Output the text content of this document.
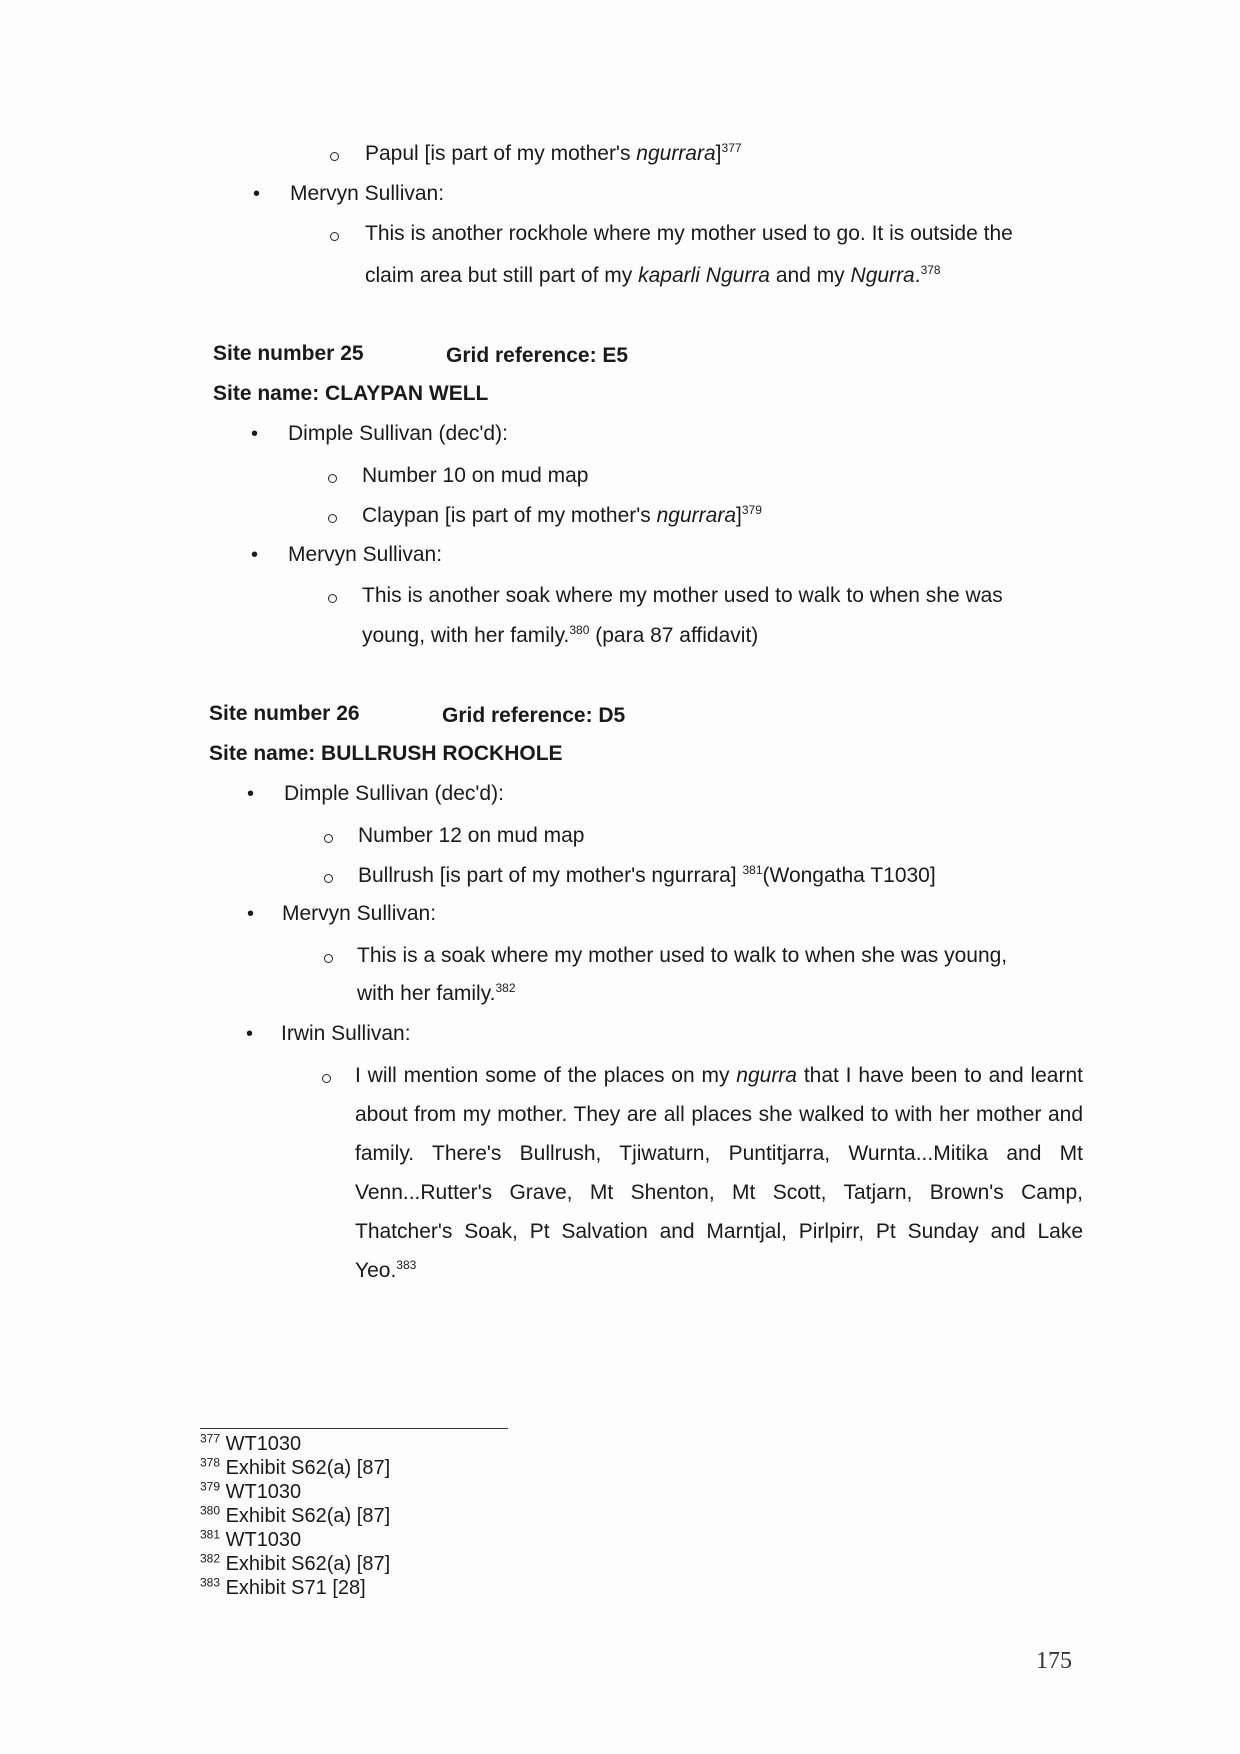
Papul [is part of my mother's ngurrara]$^{377}$
• Mervyn Sullivan:
This is another rockhole where my mother used to go. It is outside the
claim area but still part of my kaparli Ngurra and my Ngurra.$^{378}$
Site number 25	Grid reference: E5
Site name: CLAYPAN WELL
• Dimple Sullivan (dec'd):
Number 10 on mud map
Claypan [is part of my mother's ngurrara]$^{379}$
• Mervyn Sullivan:
This is another soak where my mother used to walk to when she was
young, with her family.$^{380}$ (para 87 affidavit)
Site number 26	Grid reference: D5
Site name: BULLRUSH ROCKHOLE
• Dimple Sullivan (dec'd):
Number 12 on mud map
Bullrush [is part of my mother's ngurrara] $^{381}$(Wongatha T1030]
• Mervyn Sullivan:
This is a soak where my mother used to walk to when she was young,
with her family.$^{382}$
• Irwin Sullivan:
I will mention some of the places on my ngurra that I have been to and learnt about from my mother. They are all places she walked to with her mother and family. There's Bullrush, Tjiwaturn, Puntitjarra, Wurnta...Mitika and Mt Venn...Rutter's Grave, Mt Shenton, Mt Scott, Tatjarn, Brown's Camp, Thatcher's Soak, Pt Salvation and Marntjal, Pirlpirr, Pt Sunday and Lake Yeo.$^{383}$
$^{377}$ WT1030
$^{378}$ Exhibit S62(a) [87]
$^{379}$ WT1030
$^{380}$ Exhibit S62(a) [87]
$^{381}$ WT1030
$^{382}$ Exhibit S62(a) [87]
$^{383}$ Exhibit S71 [28]
175
